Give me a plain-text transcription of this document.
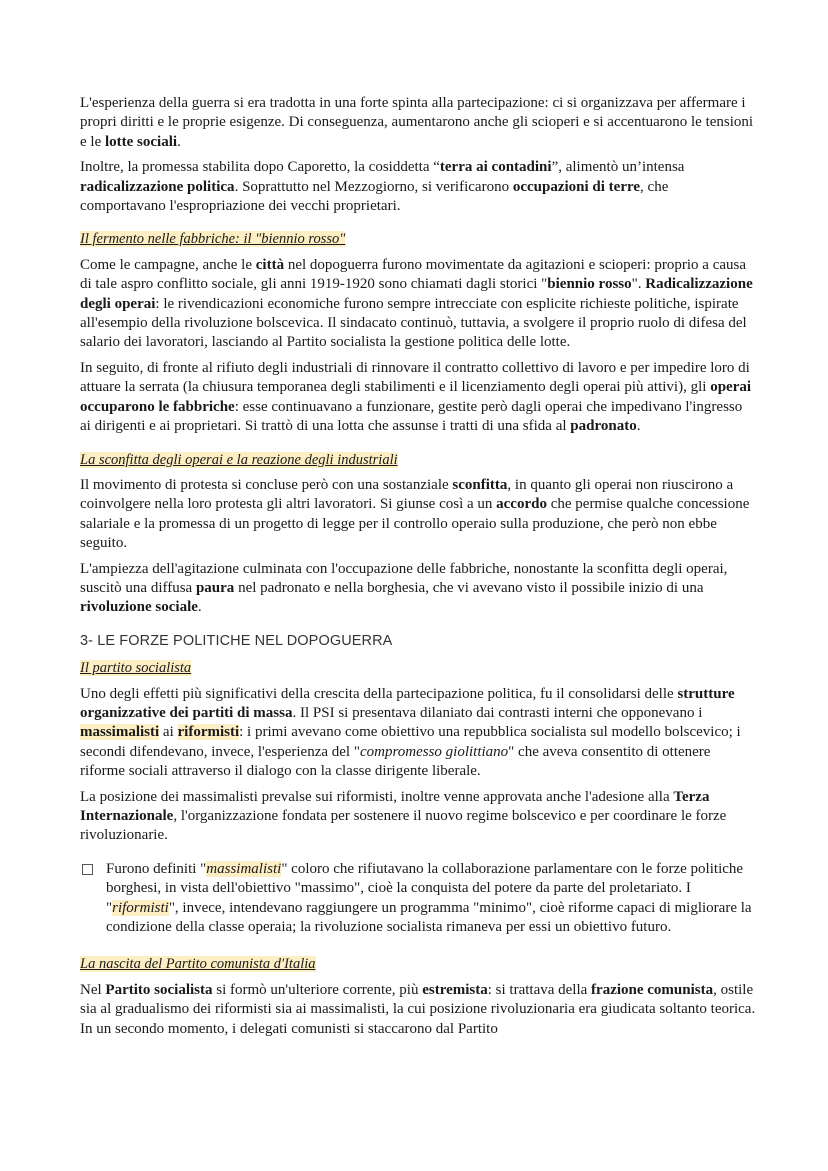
L'esperienza della guerra si era tradotta in una forte spinta alla partecipazione: ci si organizzava per affermare i propri diritti e le proprie esigenze. Di conseguenza, aumentarono anche gli scioperi e si accentuarono le tensioni e le lotte sociali.

Inoltre, la promessa stabilita dopo Caporetto, la cosiddetta “terra ai contadini”, alimentò un’intensa radicalizzazione politica. Soprattutto nel Mezzogiorno, si verificarono occupazioni di terre, che comportavano l'espropriazione dei vecchi proprietari.

Il fermento nelle fabbriche: il "biennio rosso"

Come le campagne, anche le città nel dopoguerra furono movimentate da agitazioni e scioperi: proprio a causa di tale aspro conflitto sociale, gli anni 1919-1920 sono chiamati dagli storici "biennio rosso". Radicalizzazione degli operai: le rivendicazioni economiche furono sempre intrecciate con esplicite richieste politiche, ispirate all'esempio della rivoluzione bolscevica. Il sindacato continuò, tuttavia, a svolgere il proprio ruolo di difesa del salario dei lavoratori, lasciando al Partito socialista la gestione politica delle lotte.

In seguito, di fronte al rifiuto degli industriali di rinnovare il contratto collettivo di lavoro e per impedire loro di attuare la serrata (la chiusura temporanea degli stabilimenti e il licenziamento degli operai più attivi), gli operai occuparono le fabbriche: esse continuavano a funzionare, gestite però dagli operai che impedivano l'ingresso ai dirigenti e ai proprietari. Si trattò di una lotta che assunse i tratti di una sfida al padronato.

La sconfitta degli operai e la reazione degli industriali

Il movimento di protesta si concluse però con una sostanziale sconfitta, in quanto gli operai non riuscirono a coinvolgere nella loro protesta gli altri lavoratori. Si giunse così a un accordo che permise qualche concessione salariale e la promessa di un progetto di legge per il controllo operaio sulla produzione, che però non ebbe seguito.

L'ampiezza dell'agitazione culminata con l'occupazione delle fabbriche, nonostante la sconfitta degli operai, suscitò una diffusa paura nel padronato e nella borghesia, che vi avevano visto il possibile inizio di una rivoluzione sociale.

3- LE FORZE POLITICHE NEL DOPOGUERRA
Il partito socialista

Uno degli effetti più significativi della crescita della partecipazione politica, fu il consolidarsi delle strutture organizzative dei partiti di massa. Il PSI si presentava dilaniato dai contrasti interni che opponevano i massimalisti ai riformisti: i primi avevano come obiettivo una repubblica socialista sul modello bolscevico; i secondi difendevano, invece, l'esperienza del "compromesso giolittiano" che aveva consentito di ottenere riforme sociali attraverso il dialogo con la classe dirigente liberale.

La posizione dei massimalisti prevalse sui riformisti, inoltre venne approvata anche l'adesione alla Terza Internazionale, l'organizzazione fondata per sostenere il nuovo regime bolscevico e per coordinare le forze rivoluzionarie.

Furono definiti "massimalisti" coloro che rifiutavano la collaborazione parlamentare con le forze politiche borghesi, in vista dell'obiettivo "massimo", cioè la conquista del potere da parte del proletariato. I "riformisti", invece, intendevano raggiungere un programma "minimo", cioè riforme capaci di migliorare la condizione della classe operaia; la rivoluzione socialista rimaneva per essi un obiettivo futuro.
La nascita del Partito comunista d'Italia

Nel Partito socialista si formò un'ulteriore corrente, più estremista: si trattava della frazione comunista, ostile sia al gradualismo dei riformisti sia ai massimalisti, la cui posizione rivoluzionaria era giudicata soltanto teorica. In un secondo momento, i delegati comunisti si staccarono dal Partito
